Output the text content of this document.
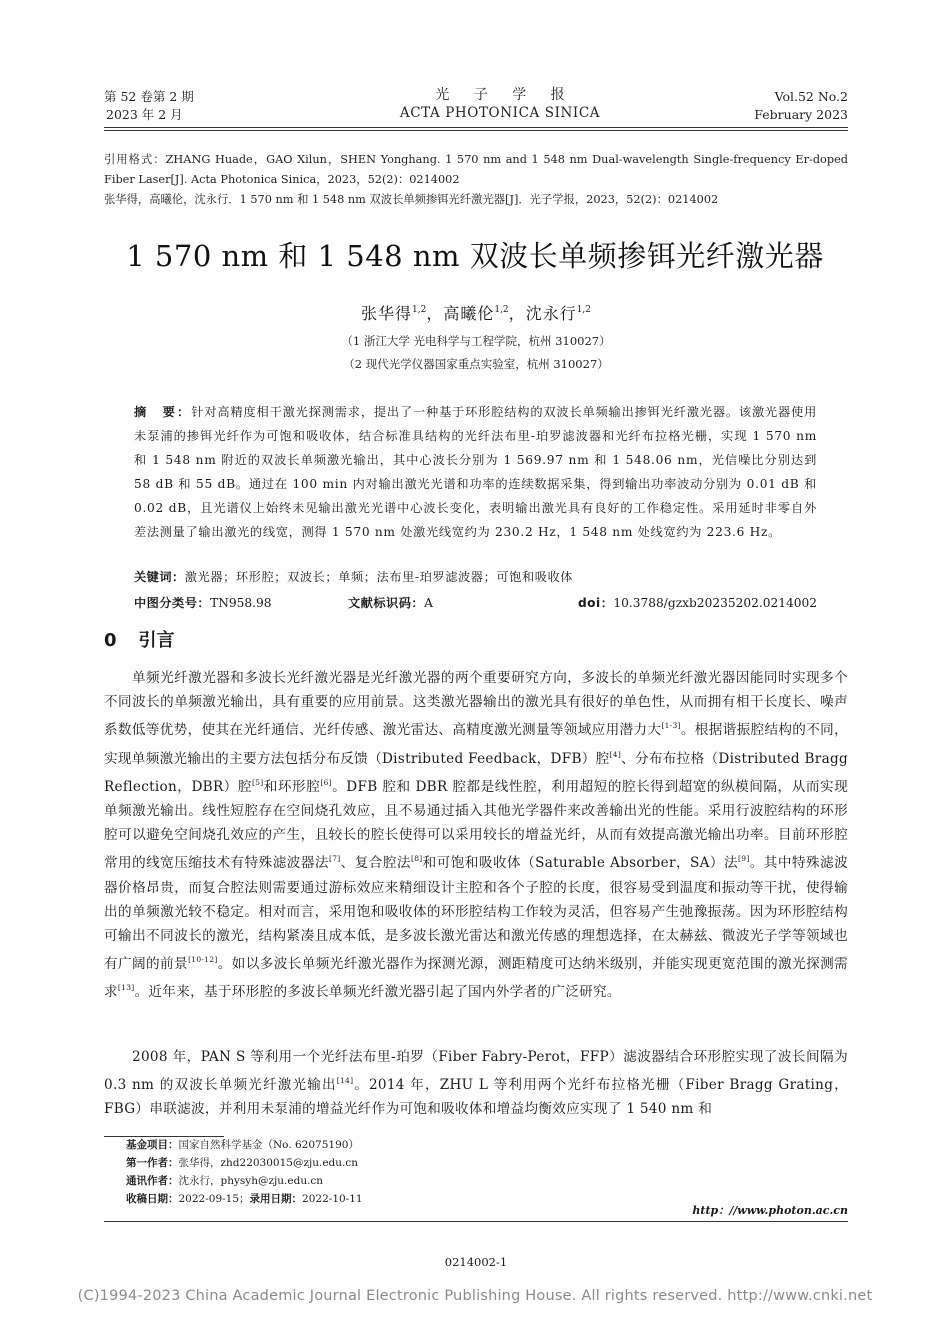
第 52 卷第 2 期
2023 年 2 月
光 子 学 报
ACTA PHOTONICA SINICA
Vol.52 No.2
February 2023
引用格式：ZHANG Huade，GAO Xilun，SHEN Yonghang. 1 570 nm and 1 548 nm Dual-wavelength Single-frequency Er-doped Fiber Laser[J]. Acta Photonica Sinica，2023，52(2)：0214002
张华得，高曦伦，沈永行．1 570 nm 和 1 548 nm 双波长单频掺铒光纤激光器[J]．光子学报，2023，52(2)：0214002
1 570 nm 和 1 548 nm 双波长单频掺铒光纤激光器
张华得$^{1,2}$，高曦伦$^{1,2}$，沈永行$^{1,2}$
（1 浙江大学 光电科学与工程学院，杭州 310027）
（2 现代光学仪器国家重点实验室，杭州 310027）
摘　要：针对高精度相干激光探测需求，提出了一种基于环形腔结构的双波长单频输出掺铒光纤激光器。该激光器使用未泵浦的掺铒光纤作为可饱和吸收体，结合标准具结构的光纤法布里-珀罗滤波器和光纤布拉格光栅，实现 1 570 nm 和 1 548 nm 附近的双波长单频激光输出，其中心波长分别为 1 569.97 nm 和 1 548.06 nm，光信噪比分别达到 58 dB 和 55 dB。通过在 100 min 内对输出激光光谱和功率的连续数据采集，得到输出功率波动分别为 0.01 dB 和 0.02 dB，且光谱仪上始终未见输出激光光谱中心波长变化，表明输出激光具有良好的工作稳定性。采用延时非零自外差法测量了输出激光的线宽，测得 1 570 nm 处激光线宽约为 230.2 Hz，1 548 nm 处线宽约为 223.6 Hz。
关键词：激光器；环形腔；双波长；单频；法布里-珀罗滤波器；可饱和吸收体
中图分类号：TN958.98	文献标识码：A	doi：10.3788/gzxb20235202.0214002
0 引言

单频光纤激光器和多波长光纤激光器是光纤激光器的两个重要研究方向，多波长的单频光纤激光器因能同时实现多个不同波长的单频激光输出，具有重要的应用前景。这类激光器输出的激光具有很好的单色性，从而拥有相干长度长、噪声系数低等优势，使其在光纤通信、光纤传感、激光雷达、高精度激光测量等领域应用潜力大[1-3]。根据谐振腔结构的不同，实现单频激光输出的主要方法包括分布反馈（Distributed Feedback，DFB）腔[4]、分布布拉格（Distributed Bragg Reflection，DBR）腔[5]和环形腔[6]。DFB 腔和 DBR 腔都是线性腔，利用超短的腔长得到超宽的纵模间隔，从而实现单频激光输出。线性短腔存在空间烧孔效应，且不易通过插入其他光学器件来改善输出光的性能。采用行波腔结构的环形腔可以避免空间烧孔效应的产生，且较长的腔长使得可以采用较长的增益光纤，从而有效提高激光输出功率。目前环形腔常用的线宽压缩技术有特殊滤波器法[7]、复合腔法[8]和可饱和吸收体（Saturable Absorber，SA）法[9]。其中特殊滤波器价格昂贵，而复合腔法则需要通过游标效应来精细设计主腔和各个子腔的长度，很容易受到温度和振动等干扰，使得输出的单频激光较不稳定。相对而言，采用饱和吸收体的环形腔结构工作较为灵活，但容易产生弛豫振荡。因为环形腔结构可输出不同波长的激光，结构紧凑且成本低，是多波长激光雷达和激光传感的理想选择，在太赫兹、微波光子学等领域也有广阔的前景[10-12]。如以多波长单频光纤激光器作为探测光源，测距精度可达纳米级别，并能实现更宽范围的激光探测需求[13]。近年来，基于环形腔的多波长单频光纤激光器引起了国内外学者的广泛研究。

2008 年，PAN S 等利用一个光纤法布里-珀罗（Fiber Fabry-Perot，FFP）滤波器结合环形腔实现了波长间隔为 0.3 nm 的双波长单频光纤激光输出[14]。2014 年，ZHU L 等利用两个光纤布拉格光栅（Fiber Bragg Grating，FBG）串联滤波，并利用未泵浦的增益光纤作为可饱和吸收体和增益均衡效应实现了 1 540 nm 和

基金项目：国家自然科学基金（No. 62075190）
第一作者：张华得，zhd22030015@zju.edu.cn
通讯作者：沈永行，physyh@zju.edu.cn
收稿日期：2022-09-15；录用日期：2022-10-11
http：//www.photon.ac.cn
0214002-1
(C)1994-2023 China Academic Journal Electronic Publishing House. All rights reserved. http://www.cnki.net
